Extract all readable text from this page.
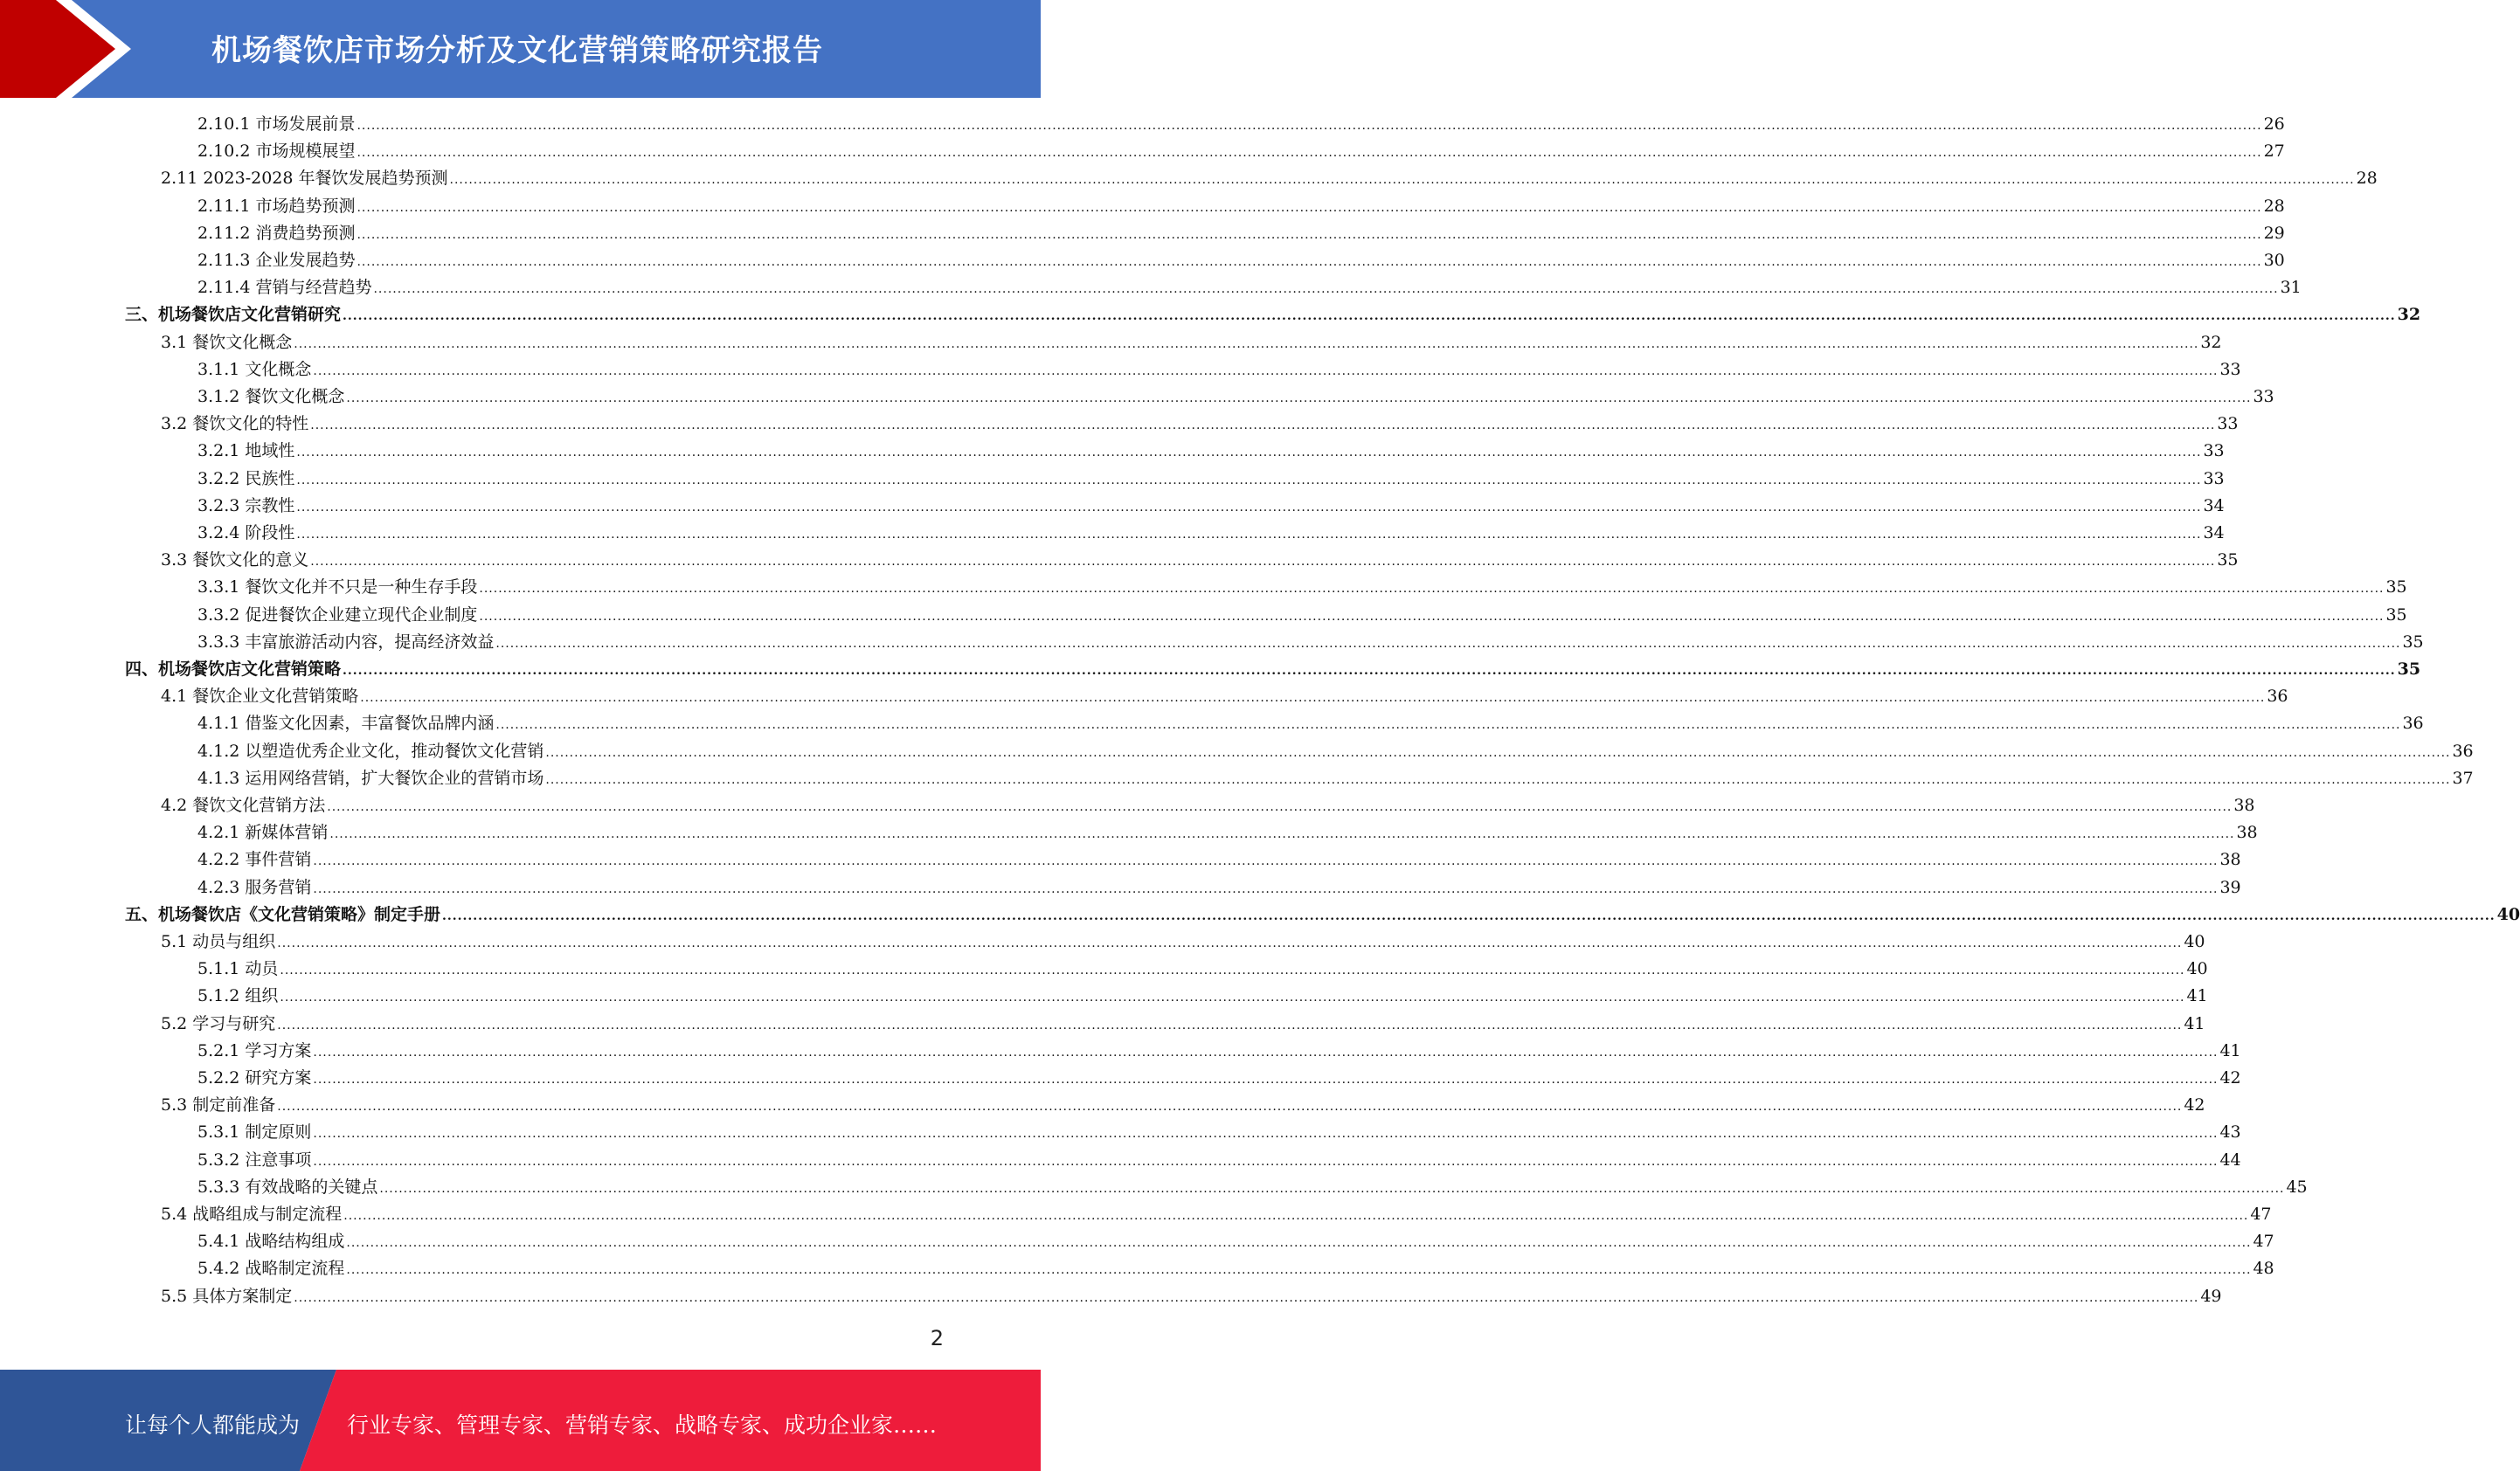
机场餐饮店市场分析及文化营销策略研究报告
2.10.1 市场发展前景 ................................................................................................................................................................................................................................................................................................................................................................................................................ 26
2.10.2 市场规模展望 ................................................................................................................................................................................................................................................................................................................................................................................................................ 27
2.11 2023-2028 年餐饮发展趋势预测 ................................................................................................................................................................................................................................................................................................................................................................................................................ 28
2.11.1 市场趋势预测 ................................................................................................................................................................................................................................................................................................................................................................................................................ 28
2.11.2 消费趋势预测 ................................................................................................................................................................................................................................................................................................................................................................................................................ 29
2.11.3 企业发展趋势 ................................................................................................................................................................................................................................................................................................................................................................................................................ 30
2.11.4 营销与经营趋势 ................................................................................................................................................................................................................................................................................................................................................................................................................ 31
三、机场餐饮店文化营销研究 ................................................................................................................................................................................................................................................................................................................................................................................................................ 32
3.1 餐饮文化概念 ................................................................................................................................................................................................................................................................................................................................................................................................................ 32
3.1.1 文化概念 ................................................................................................................................................................................................................................................................................................................................................................................................................ 33
3.1.2 餐饮文化概念 ................................................................................................................................................................................................................................................................................................................................................................................................................ 33
3.2 餐饮文化的特性 ................................................................................................................................................................................................................................................................................................................................................................................................................ 33
3.2.1 地域性 ................................................................................................................................................................................................................................................................................................................................................................................................................ 33
3.2.2 民族性 ................................................................................................................................................................................................................................................................................................................................................................................................................ 33
3.2.3 宗教性 ................................................................................................................................................................................................................................................................................................................................................................................................................ 34
3.2.4 阶段性 ................................................................................................................................................................................................................................................................................................................................................................................................................ 34
3.3 餐饮文化的意义 ................................................................................................................................................................................................................................................................................................................................................................................................................ 35
3.3.1 餐饮文化并不只是一种生存手段 ................................................................................................................................................................................................................................................................................................................................................................................................................ 35
3.3.2 促进餐饮企业建立现代企业制度 ................................................................................................................................................................................................................................................................................................................................................................................................................ 35
3.3.3 丰富旅游活动内容，提高经济效益 ................................................................................................................................................................................................................................................................................................................................................................................................................ 35
四、机场餐饮店文化营销策略 ................................................................................................................................................................................................................................................................................................................................................................................................................ 35
4.1 餐饮企业文化营销策略 ................................................................................................................................................................................................................................................................................................................................................................................................................ 36
4.1.1 借鉴文化因素，丰富餐饮品牌内涵 ................................................................................................................................................................................................................................................................................................................................................................................................................ 36
4.1.2 以塑造优秀企业文化，推动餐饮文化营销 ................................................................................................................................................................................................................................................................................................................................................................................................................ 36
4.1.3 运用网络营销，扩大餐饮企业的营销市场 ................................................................................................................................................................................................................................................................................................................................................................................................................ 37
4.2 餐饮文化营销方法 ................................................................................................................................................................................................................................................................................................................................................................................................................ 38
4.2.1 新媒体营销 ................................................................................................................................................................................................................................................................................................................................................................................................................ 38
4.2.2 事件营销 ................................................................................................................................................................................................................................................................................................................................................................................................................ 38
4.2.3 服务营销 ................................................................................................................................................................................................................................................................................................................................................................................................................ 39
五、机场餐饮店《文化营销策略》制定手册 ................................................................................................................................................................................................................................................................................................................................................................................................................ 40
5.1 动员与组织 ................................................................................................................................................................................................................................................................................................................................................................................................................ 40
5.1.1 动员 ................................................................................................................................................................................................................................................................................................................................................................................................................ 40
5.1.2 组织 ................................................................................................................................................................................................................................................................................................................................................................................................................ 41
5.2 学习与研究 ................................................................................................................................................................................................................................................................................................................................................................................................................ 41
5.2.1 学习方案 ................................................................................................................................................................................................................................................................................................................................................................................................................ 41
5.2.2 研究方案 ................................................................................................................................................................................................................................................................................................................................................................................................................ 42
5.3 制定前准备 ................................................................................................................................................................................................................................................................................................................................................................................................................ 42
5.3.1 制定原则 ................................................................................................................................................................................................................................................................................................................................................................................................................ 43
5.3.2 注意事项 ................................................................................................................................................................................................................................................................................................................................................................................................................ 44
5.3.3 有效战略的关键点 ................................................................................................................................................................................................................................................................................................................................................................................................................ 45
5.4 战略组成与制定流程 ................................................................................................................................................................................................................................................................................................................................................................................................................ 47
5.4.1 战略结构组成 ................................................................................................................................................................................................................................................................................................................................................................................................................ 47
5.4.2 战略制定流程 ................................................................................................................................................................................................................................................................................................................................................................................................................ 48
5.5 具体方案制定 ................................................................................................................................................................................................................................................................................................................................................................................................................ 49
2
让每个人都能成为 行业专家、管理专家、营销专家、战略专家、成功企业家……
